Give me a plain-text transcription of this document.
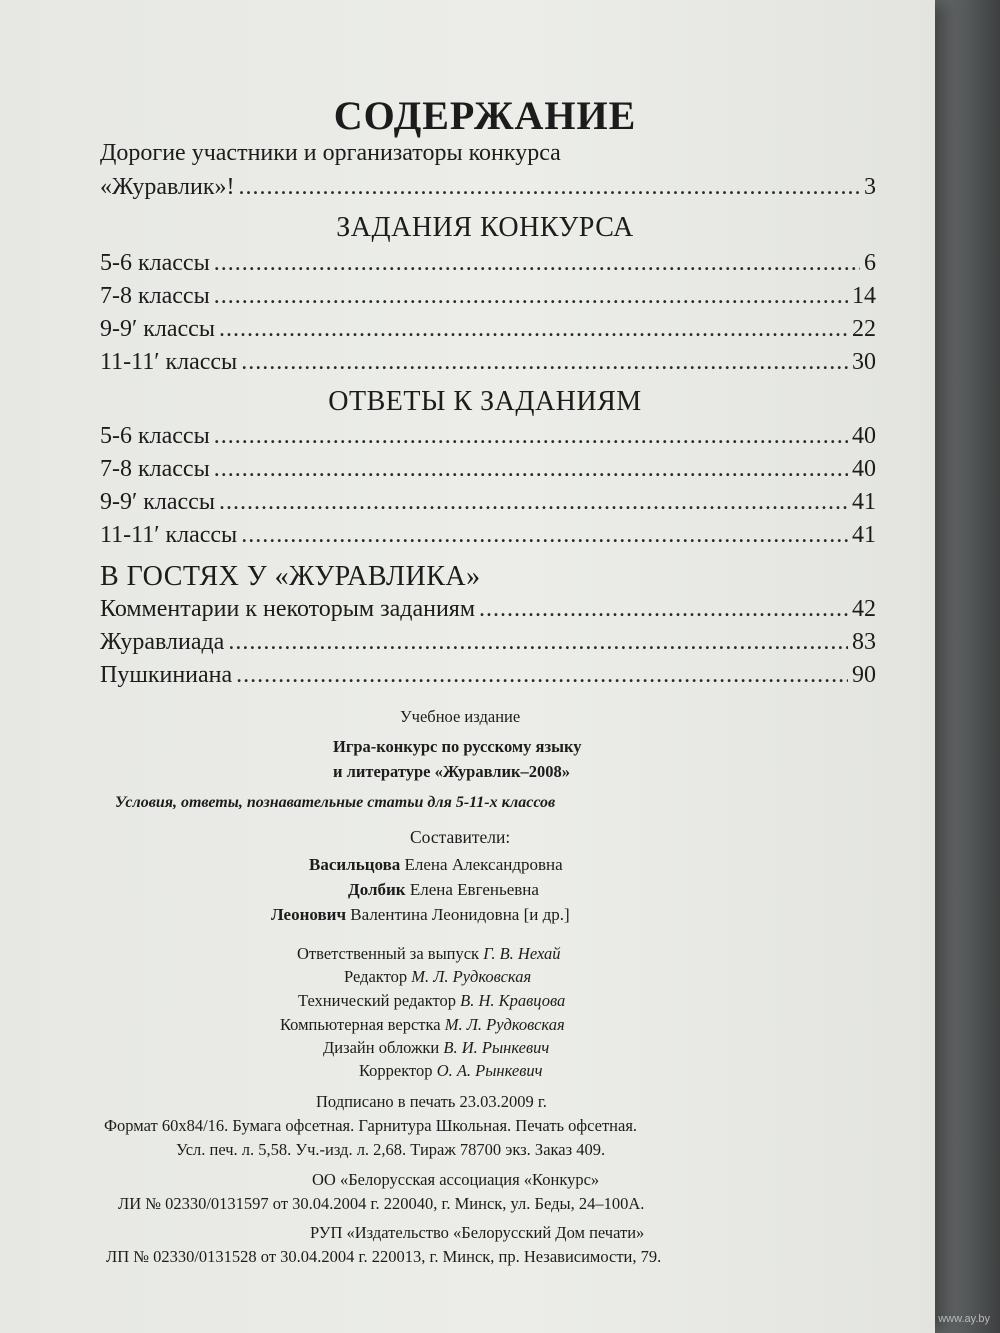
СОДЕРЖАНИЕ
Дорогие участники и организаторы конкурса
«Журавлик»! .....	3
ЗАДАНИЯ КОНКУРСА
5-6 классы .....	6
7-8 классы .....	14
9-9′ классы .....	22
11-11′ классы .....	30
ОТВЕТЫ К ЗАДАНИЯМ
5-6 классы .....	40
7-8 классы .....	40
9-9′ классы .....	41
11-11′ классы .....	41
В ГОСТЯХ У «ЖУРАВЛИКА»
Комментарии к некоторым заданиям .....	42
Журавлиада .....	83
Пушкиниана .....	90
Учебное издание
Игра-конкурс по русскому языку
и литературе «Журавлик–2008»
Условия, ответы, познавательные статьи для 5-11-х классов
Составители:
Васильцова Елена Александровна
Долбик Елена Евгеньевна
Леонович Валентина Леонидовна [и др.]
Ответственный за выпуск Г. В. Нехай
Редактор М. Л. Рудковская
Технический редактор В. Н. Кравцова
Компьютерная верстка М. Л. Рудковская
Дизайн обложки В. И. Рынкевич
Корректор О. А. Рынкевич
Подписано в печать 23.03.2009 г.
Формат 60x84/16. Бумага офсетная. Гарнитура Школьная. Печать офсетная.
Усл. печ. л. 5,58. Уч.-изд. л. 2,68. Тираж 78700 экз. Заказ 409.
ОО «Белорусская ассоциация «Конкурс»
ЛИ № 02330/0131597 от 30.04.2004 г. 220040, г. Минск, ул. Беды, 24–100А.
РУП «Издательство «Белорусский Дом печати»
ЛП № 02330/0131528 от 30.04.2004 г. 220013, г. Минск, пр. Независимости, 79.
www.ay.by
